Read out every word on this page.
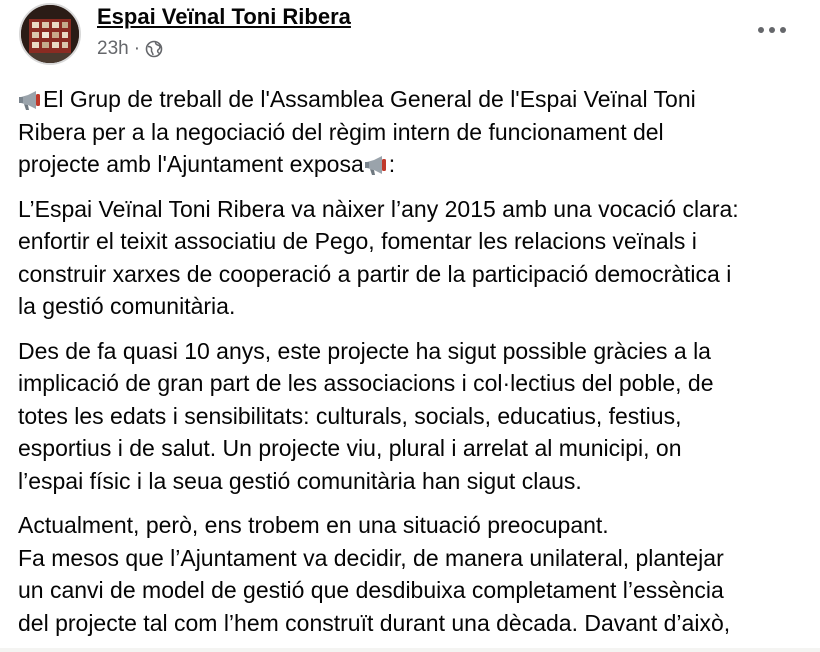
Espai Veïnal Toni Ribera
23h ·
El Grup de treball de l'Assamblea General de l'Espai Veïnal Toni
Ribera per a la negociació del règim intern de funcionament del
projecte amb l'Ajuntament exposa :
L’Espai Veïnal Toni Ribera va nàixer l’any 2015 amb una vocació clara:
enfortir el teixit associatiu de Pego, fomentar les relacions veïnals i
construir xarxes de cooperació a partir de la participació democràtica i
la gestió comunitària.
Des de fa quasi 10 anys, este projecte ha sigut possible gràcies a la
implicació de gran part de les associacions i col·lectius del poble, de
totes les edats i sensibilitats: culturals, socials, educatius, festius,
esportius i de salut. Un projecte viu, plural i arrelat al municipi, on
l’espai físic i la seua gestió comunitària han sigut claus.
Actualment, però, ens trobem en una situació preocupant.
Fa mesos que l’Ajuntament va decidir, de manera unilateral, plantejar
un canvi de model de gestió que desdibuixa completament l’essència
del projecte tal com l’hem construït durant una dècada. Davant d’això,
